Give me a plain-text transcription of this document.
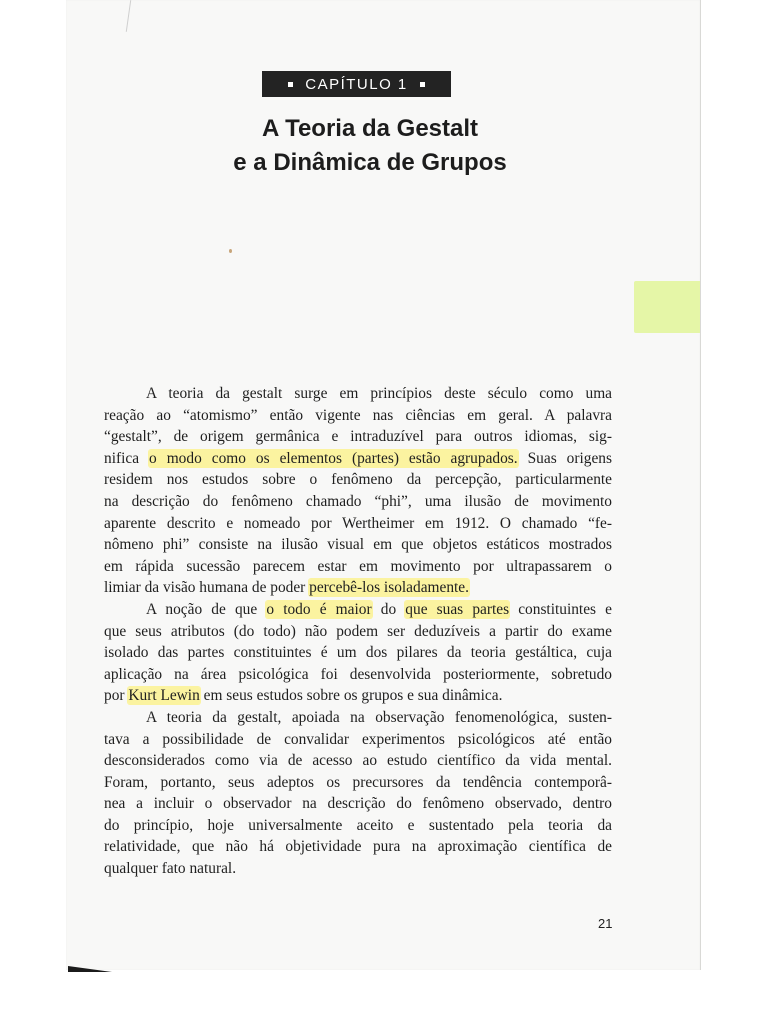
CAPÍTULO 1
A Teoria da Gestalt
e a Dinâmica de Grupos
A teoria da gestalt surge em princípios deste século como uma
reação ao “atomismo” então vigente nas ciências em geral. A palavra
“gestalt”, de origem germânica e intraduzível para outros idiomas, sig-
nifica o modo como os elementos (partes) estão agrupados. Suas origens
residem nos estudos sobre o fenômeno da percepção, particularmente
na descrição do fenômeno chamado “phi”, uma ilusão de movimento
aparente descrito e nomeado por Wertheimer em 1912. O chamado “fe-
nômeno phi” consiste na ilusão visual em que objetos estáticos mostrados
em rápida sucessão parecem estar em movimento por ultrapassarem o
limiar da visão humana de poder percebê-los isoladamente.
A noção de que o todo é maior do que suas partes constituintes e
que seus atributos (do todo) não podem ser deduzíveis a partir do exame
isolado das partes constituintes é um dos pilares da teoria gestáltica, cuja
aplicação na área psicológica foi desenvolvida posteriormente, sobretudo
por Kurt Lewin em seus estudos sobre os grupos e sua dinâmica.
A teoria da gestalt, apoiada na observação fenomenológica, susten-
tava a possibilidade de convalidar experimentos psicológicos até então
desconsiderados como via de acesso ao estudo científico da vida mental.
Foram, portanto, seus adeptos os precursores da tendência contemporâ-
nea a incluir o observador na descrição do fenômeno observado, dentro
do princípio, hoje universalmente aceito e sustentado pela teoria da
relatividade, que não há objetividade pura na aproximação científica de
qualquer fato natural.
21
